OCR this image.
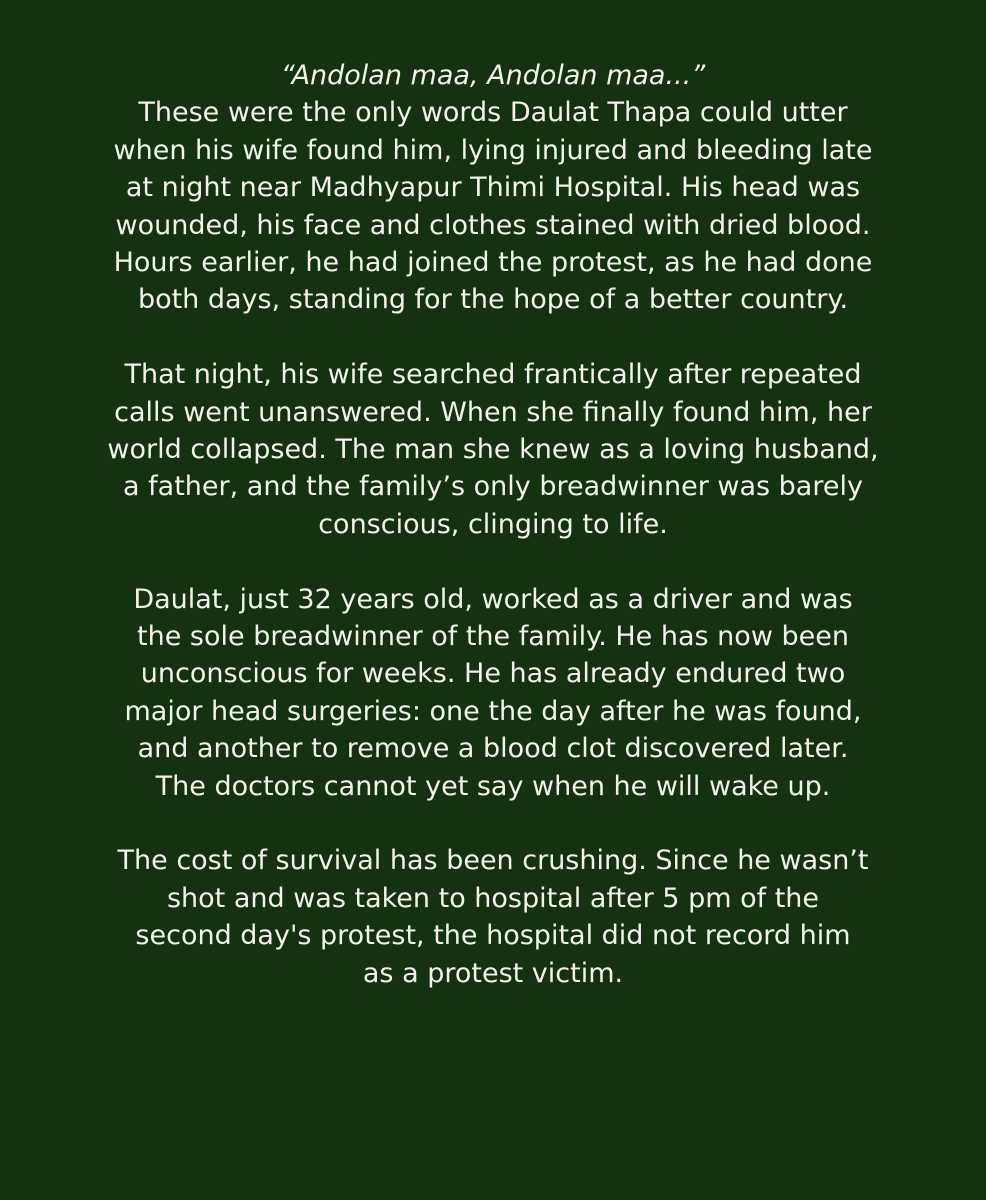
“Andolan maa, Andolan maa...”
These were the only words Daulat Thapa could utter
when his wife found him, lying injured and bleeding late
at night near Madhyapur Thimi Hospital. His head was
wounded, his face and clothes stained with dried blood.
Hours earlier, he had joined the protest, as he had done
both days, standing for the hope of a better country.

That night, his wife searched frantically after repeated
calls went unanswered. When she finally found him, her
world collapsed. The man she knew as a loving husband,
a father, and the family’s only breadwinner was barely
conscious, clinging to life.

Daulat, just 32 years old, worked as a driver and was
the sole breadwinner of the family. He has now been
unconscious for weeks. He has already endured two
major head surgeries: one the day after he was found,
and another to remove a blood clot discovered later.
The doctors cannot yet say when he will wake up.

The cost of survival has been crushing. Since he wasn’t
shot and was taken to hospital after 5 pm of the
second day's protest, the hospital did not record him
as a protest victim.
